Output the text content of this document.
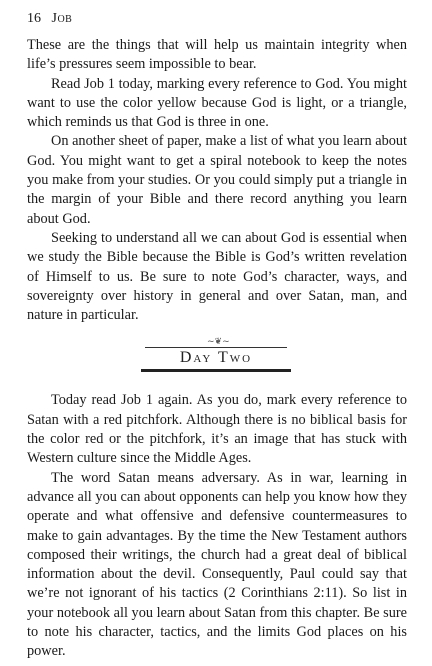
16 Job

These are the things that will help us maintain integrity when life’s pressures seem impossible to bear.

Read Job 1 today, marking every reference to God. You might want to use the color yellow because God is light, or a triangle, which reminds us that God is three in one.

On another sheet of paper, make a list of what you learn about God. You might want to get a spiral notebook to keep the notes you make from your studies. Or you could simply put a triangle in the margin of your Bible and there record anything you learn about God.

Seeking to understand all we can about God is essential when we study the Bible because the Bible is God’s written revelation of Himself to us. Be sure to note God’s character, ways, and sovereignty over history in general and over Satan, man, and nature in particular.

~❦~
Day Two

Today read Job 1 again. As you do, mark every reference to Satan with a red pitchfork. Although there is no biblical basis for the color red or the pitchfork, it’s an image that has stuck with Western culture since the Middle Ages.

The word Satan means adversary. As in war, learning in advance all you can about opponents can help you know how they operate and what offensive and defensive countermeasures to make to gain advantages. By the time the New Testament authors composed their writings, the church had a great deal of biblical information about the devil. Consequently, Paul could say that we’re not ignorant of his tactics (2 Corinthians 2:11). So list in your notebook all you learn about Satan from this chapter. Be sure to note his character, tactics, and the limits God places on his power.
